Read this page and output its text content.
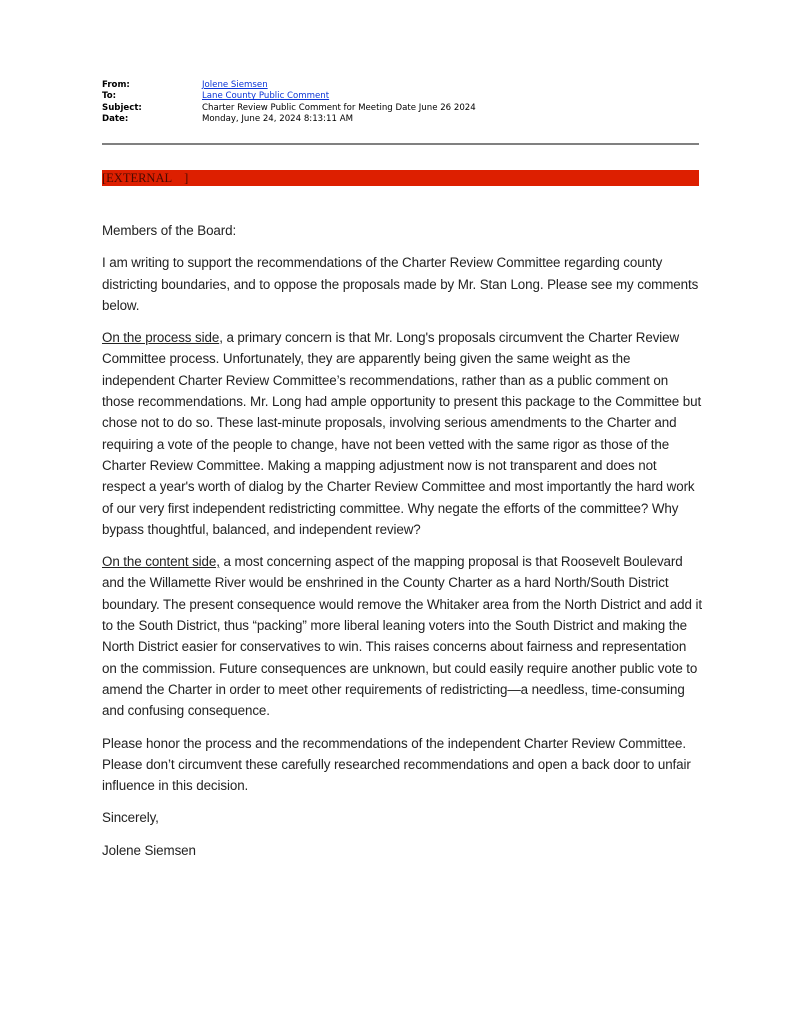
From:	Jolene Siemsen
To:	Lane County Public Comment
Subject:	Charter Review Public Comment for Meeting Date June 26 2024
Date:	Monday, June 24, 2024 8:13:11 AM
[EXTERNAL    ]

Members of the Board:

I am writing to support the recommendations of the Charter Review Committee regarding county districting boundaries, and to oppose the proposals made by Mr. Stan Long. Please see my comments below.

On the process side, a primary concern is that Mr. Long's proposals circumvent the Charter Review Committee process. Unfortunately, they are apparently being given the same weight as the independent Charter Review Committee’s recommendations, rather than as a public comment on those recommendations. Mr. Long had ample opportunity to present this package to the Committee but chose not to do so. These last-minute proposals, involving serious amendments to the Charter and requiring a vote of the people to change, have not been vetted with the same rigor as those of the Charter Review Committee. Making a mapping adjustment now is not transparent and does not respect a year's worth of dialog by the Charter Review Committee and most importantly the hard work of our very first independent redistricting committee. Why negate the efforts of the committee? Why bypass thoughtful, balanced, and independent review?

On the content side, a most concerning aspect of the mapping proposal is that Roosevelt Boulevard and the Willamette River would be enshrined in the County Charter as a hard North/South District boundary. The present consequence would remove the Whitaker area from the North District and add it to the South District, thus “packing” more liberal leaning voters into the South District and making the North District easier for conservatives to win. This raises concerns about fairness and representation on the commission. Future consequences are unknown, but could easily require another public vote to amend the Charter in order to meet other requirements of redistricting—a needless, time-consuming and confusing consequence.

Please honor the process and the recommendations of the independent Charter Review Committee. Please don’t circumvent these carefully researched recommendations and open a back door to unfair influence in this decision.

Sincerely,

Jolene Siemsen
